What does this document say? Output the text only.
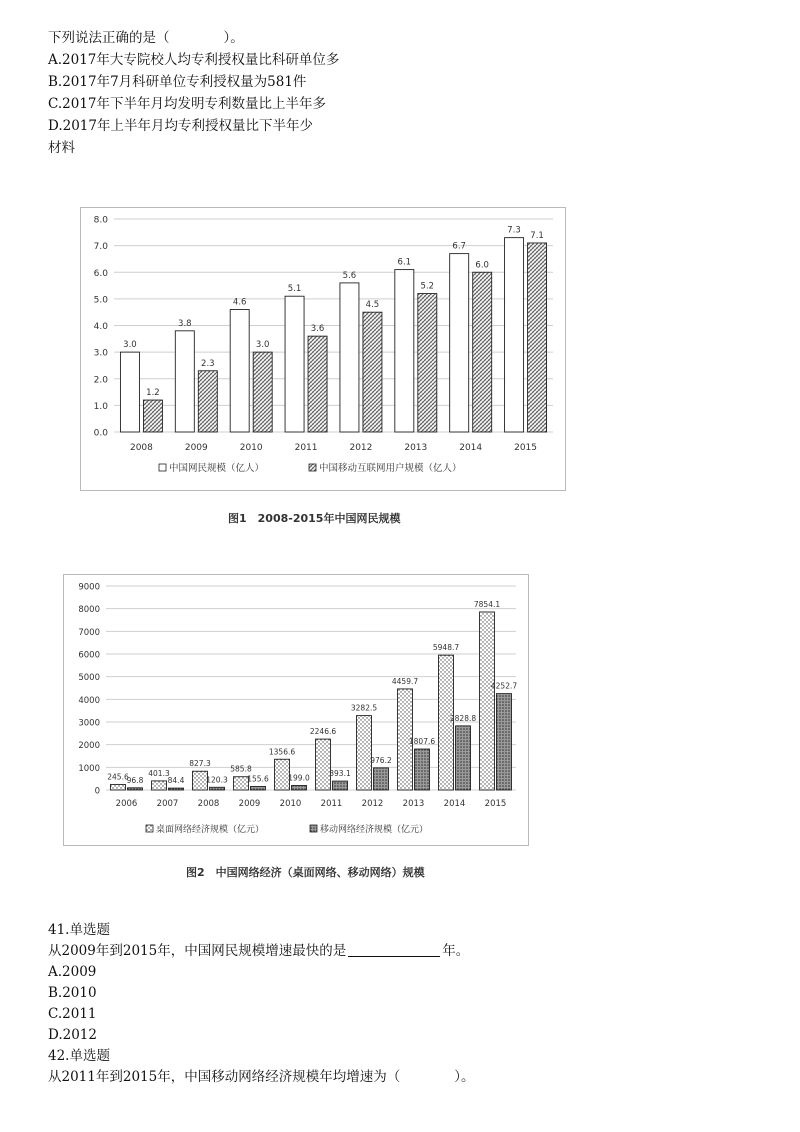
下列说法正确的是（　　　　）。
A.2017年大专院校人均专利授权量比科研单位多
B.2017年7月科研单位专利授权量为581件
C.2017年下半年月均发明专利数量比上半年多
D.2017年上半年月均专利授权量比下半年少
材料
0.0
1.0
2.0
3.0
4.0
5.0
6.0
7.0
8.0
2008
3.0
1.2
2009
3.8
2.3
2010
4.6
3.0
2011
5.1
3.6
2012
5.6
4.5
2013
6.1
5.2
2014
6.7
6.0
2015
7.3
7.1
中国网民规模（亿人）	中国移动互联网用户规模（亿人）
图1　2008-2015年中国网民规模
0
1000
2000
3000
4000
5000
6000
7000
8000
9000
2006
245.6
96.8
2007
401.3
84.4
2008
827.3
120.3
2009
585.8
155.6
2010
1356.6
199.0
2011
2246.6
393.1
2012
3282.5
976.2
2013
4459.7
1807.6
2014
5948.7
2828.8
2015
7854.1
4252.7
桌面网络经济规模（亿元）	移动网络经济规模（亿元）
图2　中国网络经济（桌面网络、移动网络）规模
41.单选题
从2009年到2015年，中国网民规模增速最快的是	年。
A.2009
B.2010
C.2011
D.2012
42.单选题
从2011年到2015年，中国移动网络经济规模年均增速为（　　　　）。
